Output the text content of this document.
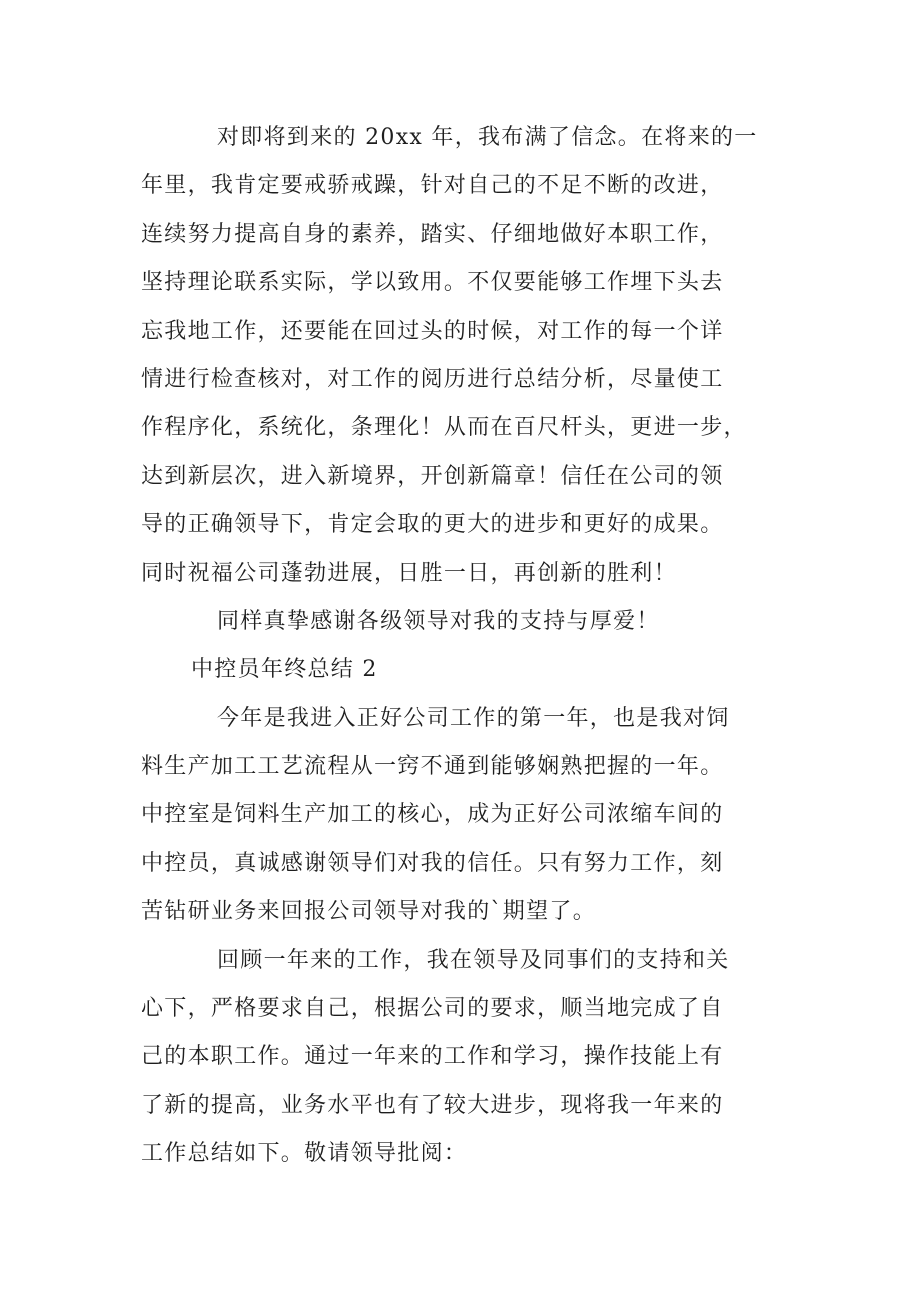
对即将到来的 20xx 年，我布满了信念。在将来的一
年里，我肯定要戒骄戒躁，针对自己的不足不断的改进，
连续努力提高自身的素养，踏实、仔细地做好本职工作，
坚持理论联系实际，学以致用。不仅要能够工作埋下头去
忘我地工作，还要能在回过头的时候，对工作的每一个详
情进行检查核对，对工作的阅历进行总结分析，尽量使工
作程序化，系统化，条理化！从而在百尺杆头，更进一步，
达到新层次，进入新境界，开创新篇章！信任在公司的领
导的正确领导下，肯定会取的更大的进步和更好的成果。
同时祝福公司蓬勃进展，日胜一日，再创新的胜利！
同样真挚感谢各级领导对我的支持与厚爱！
中控员年终总结 2
今年是我进入正好公司工作的第一年，也是我对饲
料生产加工工艺流程从一窍不通到能够娴熟把握的一年。
中控室是饲料生产加工的核心，成为正好公司浓缩车间的
中控员，真诚感谢领导们对我的信任。只有努力工作，刻
苦钻研业务来回报公司领导对我的`期望了。
回顾一年来的工作，我在领导及同事们的支持和关
心下，严格要求自己，根据公司的要求，顺当地完成了自
己的本职工作。通过一年来的工作和学习，操作技能上有
了新的提高，业务水平也有了较大进步，现将我一年来的
工作总结如下。敬请领导批阅：
